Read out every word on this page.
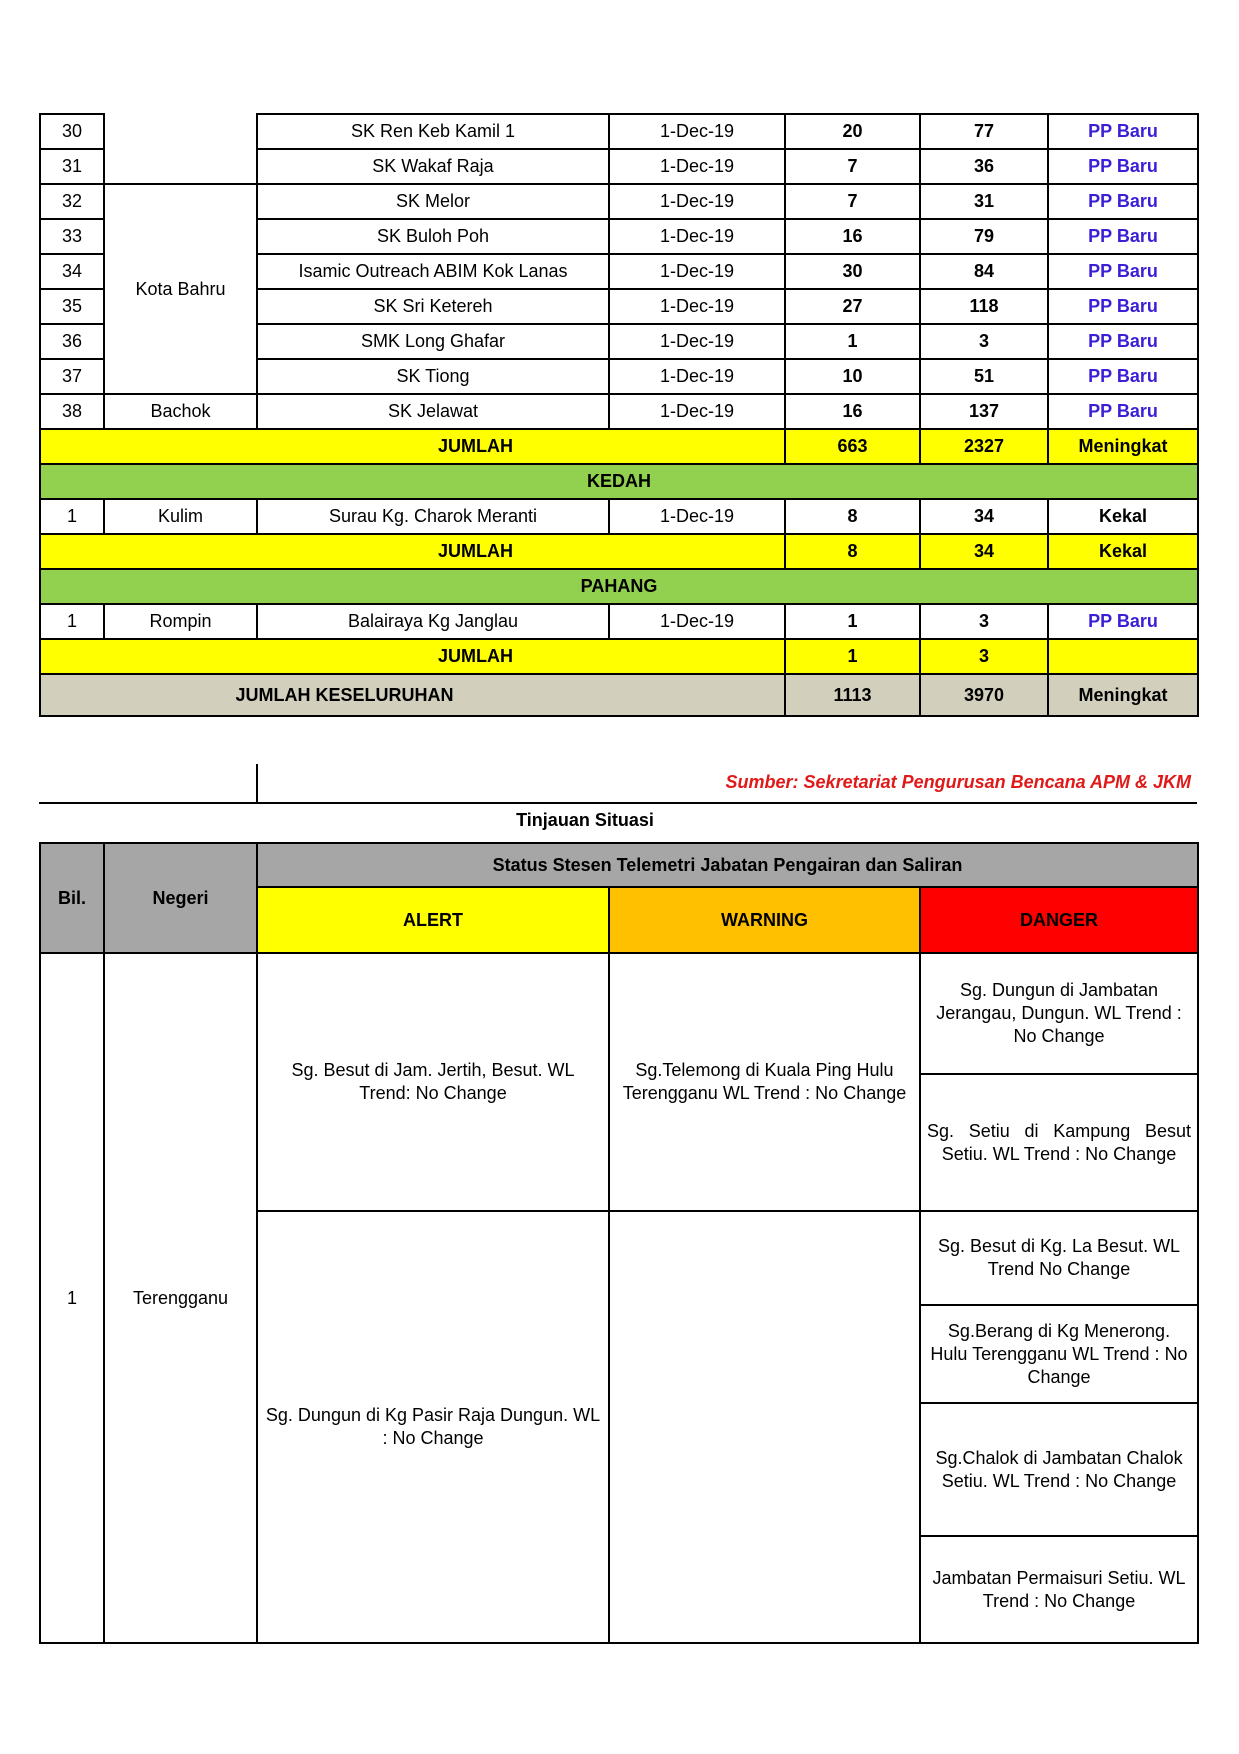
30		SK Ren Keb Kamil 1	1-Dec-19	20	77	PP Baru
31		SK Wakaf Raja	1-Dec-19	7	36	PP Baru
32	Kota Bahru	SK Melor	1-Dec-19	7	31	PP Baru
33		SK Buloh Poh	1-Dec-19	16	79	PP Baru
34		Isamic Outreach ABIM Kok Lanas	1-Dec-19	30	84	PP Baru
35		SK Sri Ketereh	1-Dec-19	27	118	PP Baru
36		SMK Long Ghafar	1-Dec-19	1	3	PP Baru
37		SK Tiong	1-Dec-19	10	51	PP Baru
38	Bachok	SK Jelawat	1-Dec-19	16	137	PP Baru
JUMLAH				663	2327	Meningkat
KEDAH						
1	Kulim	Surau Kg. Charok Meranti	1-Dec-19	8	34	Kekal
JUMLAH				8	34	Kekal
PAHANG						
1	Rompin	Balairaya Kg Janglau	1-Dec-19	1	3	PP Baru
JUMLAH				1	3	
JUMLAH KESELURUHAN				1113	3970	Meningkat
Sumber: Sekretariat Pengurusan Bencana APM & JKM
Tinjauan Situasi
Bil.	Negeri	Status Stesen Telemetri Jabatan Pengairan dan Saliran		
		ALERT	WARNING	DANGER
1	Terengganu	Sg. Besut di Jam. Jertih, Besut. WL Trend: No Change	Sg.Telemong di Kuala Ping Hulu Terengganu WL Trend : No Change	Sg. Dungun di Jambatan Jerangau, Dungun. WL Trend : No Change
				Sg. Setiu di Kampung Besut Setiu. WL Trend : No Change
		Sg. Dungun di Kg Pasir Raja Dungun. WL : No Change		Sg. Besut di Kg. La Besut. WL Trend No Change
				Sg.Berang di Kg Menerong. Hulu Terengganu WL Trend : No Change
				Sg.Chalok di Jambatan Chalok Setiu. WL Trend : No Change
				Jambatan Permaisuri Setiu. WL Trend : No Change
